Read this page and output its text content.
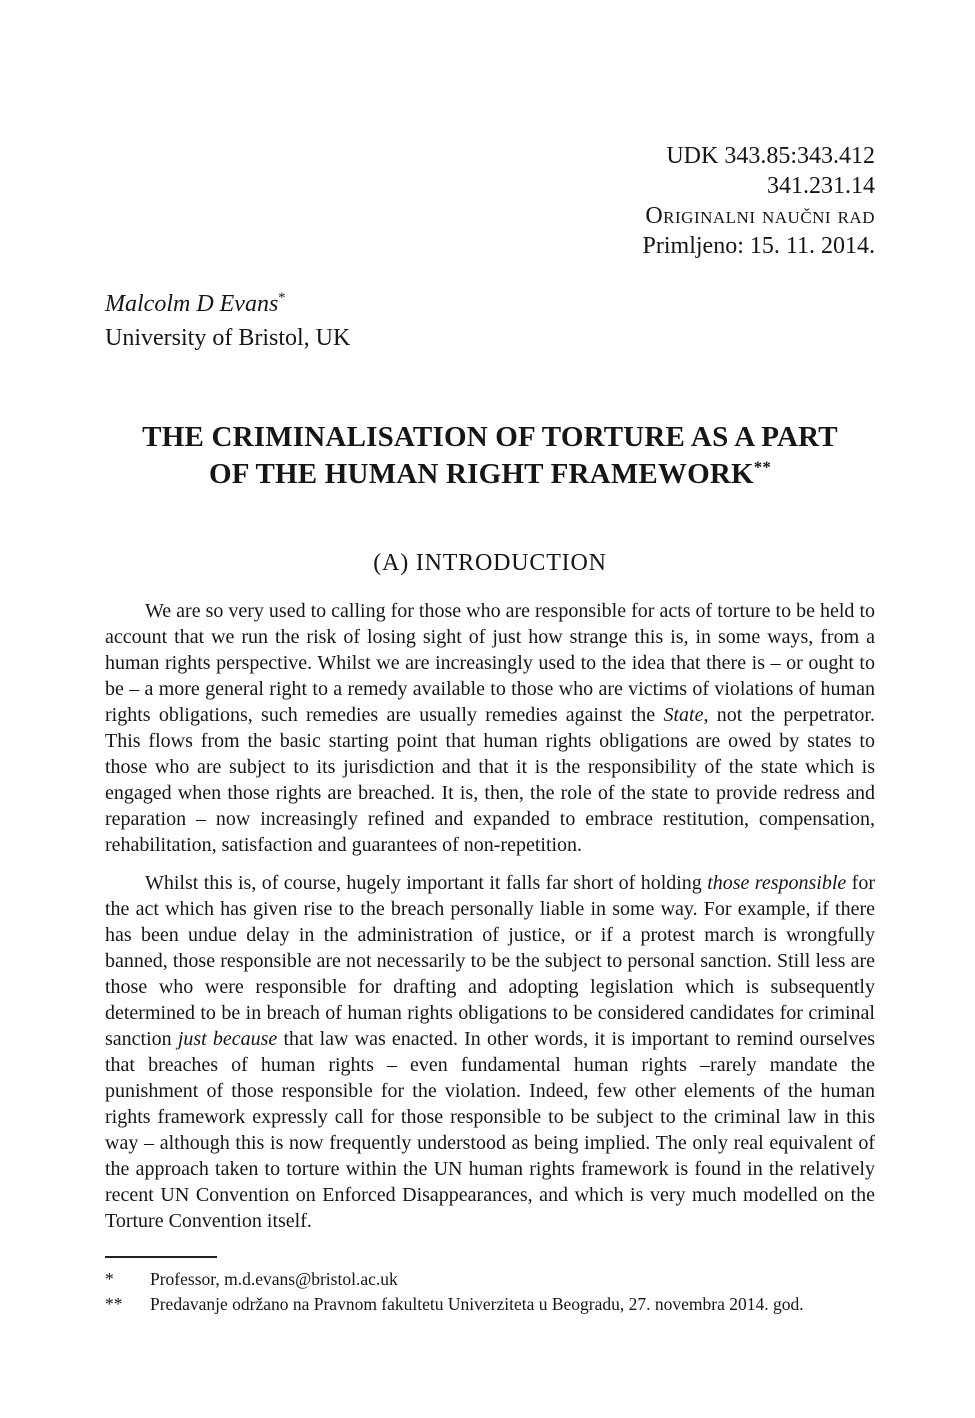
UDK 343.85:343.412
341.231.14
Originalni naučni rad
Primljeno: 15. 11. 2014.
Malcolm D Evans*
University of Bristol, UK
THE CRIMINALISATION OF TORTURE AS A PART
OF THE HUMAN RIGHT FRAMEWORK**
(A) INTRODUCTION

We are so very used to calling for those who are responsible for acts of torture to be held to account that we run the risk of losing sight of just how strange this is, in some ways, from a human rights perspective. Whilst we are increasingly used to the idea that there is – or ought to be – a more general right to a remedy available to those who are victims of violations of human rights obligations, such remedies are usually remedies against the State, not the perpetrator. This flows from the basic starting point that human rights obligations are owed by states to those who are subject to its jurisdiction and that it is the responsibility of the state which is engaged when those rights are breached. It is, then, the role of the state to provide redress and reparation – now increasingly refined and expanded to embrace restitution, compensation, rehabilitation, satisfaction and guarantees of non-repetition.

Whilst this is, of course, hugely important it falls far short of holding those responsible for the act which has given rise to the breach personally liable in some way. For example, if there has been undue delay in the administration of justice, or if a protest march is wrongfully banned, those responsible are not necessarily to be the subject to personal sanction. Still less are those who were responsible for drafting and adopting legislation which is subsequently determined to be in breach of human rights obligations to be considered candidates for criminal sanction just because that law was enacted. In other words, it is important to remind ourselves that breaches of human rights – even fundamental human rights –rarely mandate the punishment of those responsible for the violation. Indeed, few other elements of the human rights framework expressly call for those responsible to be subject to the criminal law in this way – although this is now frequently understood as being implied. The only real equivalent of the approach taken to torture within the UN human rights framework is found in the relatively recent UN Convention on Enforced Disappearances, and which is very much modelled on the Torture Convention itself.

*	Professor, m.d.evans@bristol.ac.uk
**	Predavanje održano na Pravnom fakultetu Univerziteta u Beogradu, 27. novembra 2014. god.
